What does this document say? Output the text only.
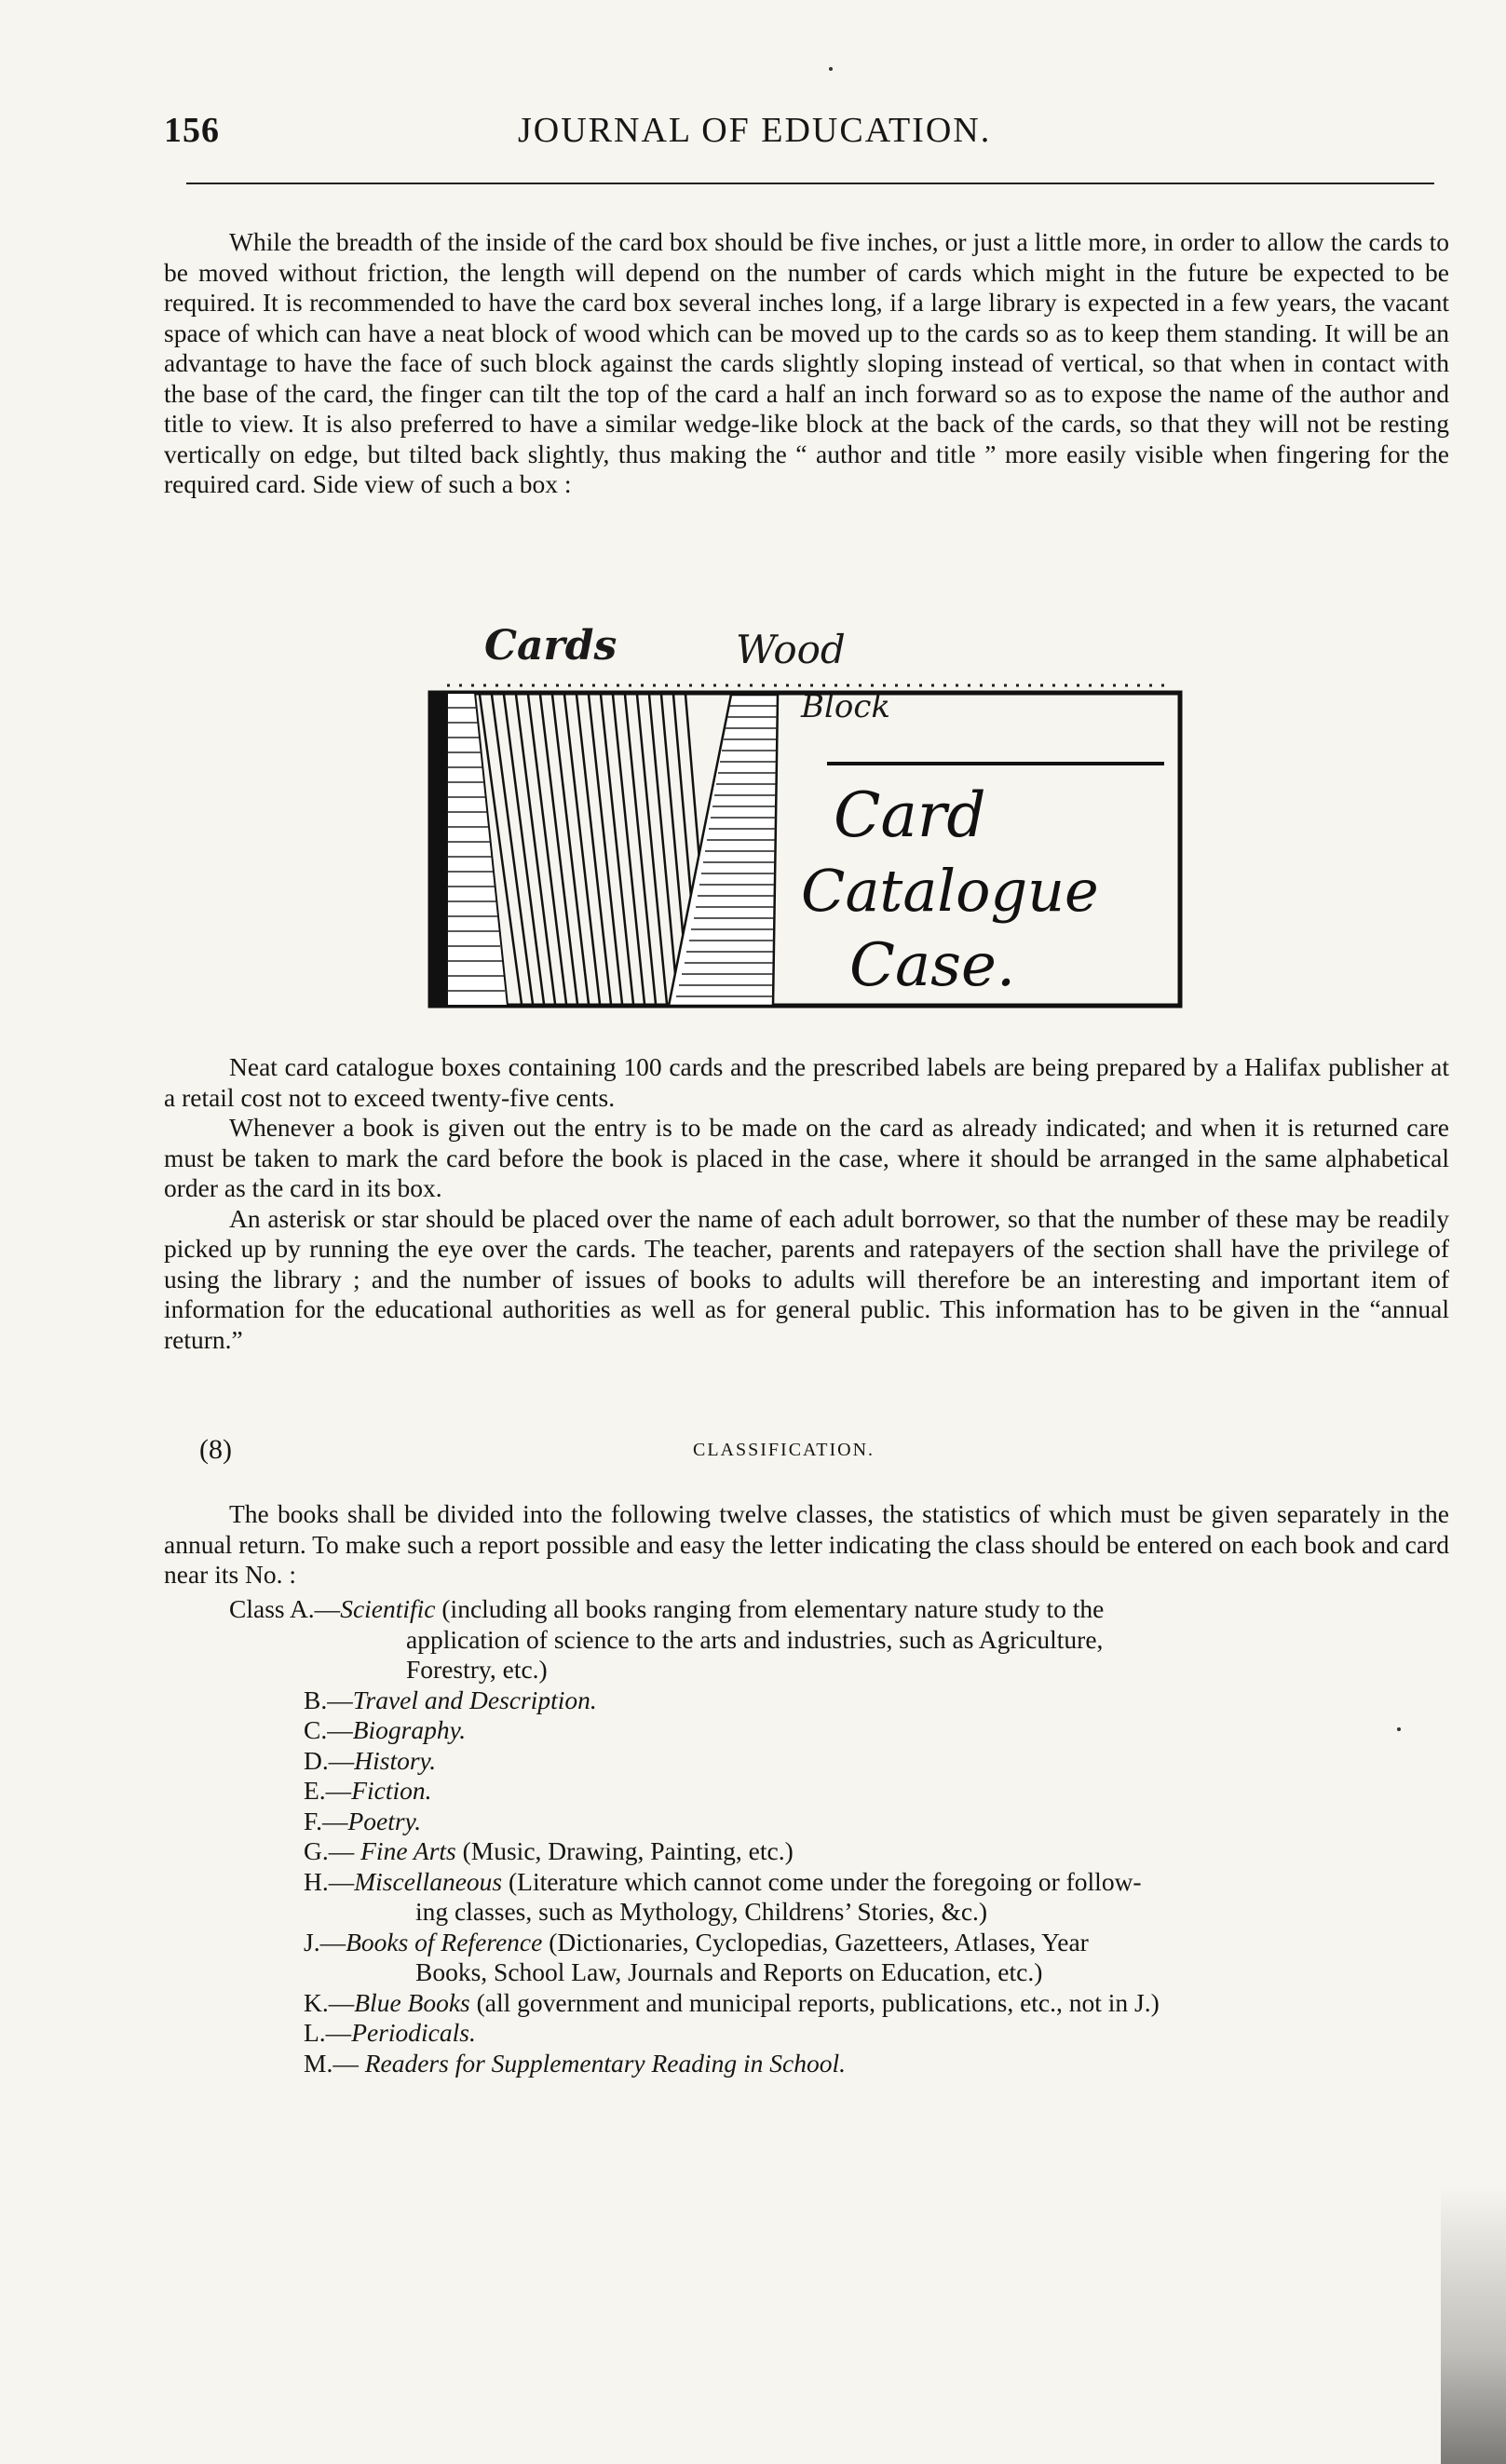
156	JOURNAL OF EDUCATION.

While the breadth of the inside of the card box should be five inches, or just a little more, in order to allow the cards to be moved without friction, the length will depend on the number of cards which might in the future be expected to be required. It is recommended to have the card box several inches long, if a large library is expected in a few years, the vacant space of which can have a neat block of wood which can be moved up to the cards so as to keep them standing. It will be an advantage to have the face of such block against the cards slightly sloping instead of vertical, so that when in contact with the base of the card, the finger can tilt the top of the card a half an inch forward so as to expose the name of the author and title to view. It is also preferred to have a similar wedge-like block at the back of the cards, so that they will not be resting vertically on edge, but tilted back slightly, thus making the “ author and title ” more easily visible when fingering for the required card. Side view of such a box :

Cards	Wood
Block
Card
Catalogue
Case.

Neat card catalogue boxes containing 100 cards and the prescribed labels are being prepared by a Halifax publisher at a retail cost not to exceed twenty-five cents.

Whenever a book is given out the entry is to be made on the card as already indicated; and when it is returned care must be taken to mark the card before the book is placed in the case, where it should be arranged in the same alphabetical order as the card in its box.

An asterisk or star should be placed over the name of each adult borrower, so that the number of these may be readily picked up by running the eye over the cards. The teacher, parents and ratepayers of the section shall have the privilege of using the library ; and the number of issues of books to adults will therefore be an interesting and important item of information for the educational authorities as well as for general public. This information has to be given in the “annual return.”

(8)	CLASSIFICATION.

The books shall be divided into the following twelve classes, the statistics of which must be given separately in the annual return. To make such a report possible and easy the letter indicating the class should be entered on each book and card near its No. :

Class A.—Scientific (including all books ranging from elementary nature study to the
application of science to the arts and industries, such as Agriculture,
Forestry, etc.)
B.—Travel and Description.
C.—Biography.
D.—History.
E.—Fiction.
F.—Poetry.
G.— Fine Arts (Music, Drawing, Painting, etc.)
H.—Miscellaneous (Literature which cannot come under the foregoing or follow-
ing classes, such as Mythology, Childrens’ Stories, &c.)
J.—Books of Reference (Dictionaries, Cyclopedias, Gazetteers, Atlases, Year
Books, School Law, Journals and Reports on Education, etc.)
K.—Blue Books (all government and municipal reports, publications, etc., not in J.)
L.—Periodicals.
M.— Readers for Supplementary Reading in School.
